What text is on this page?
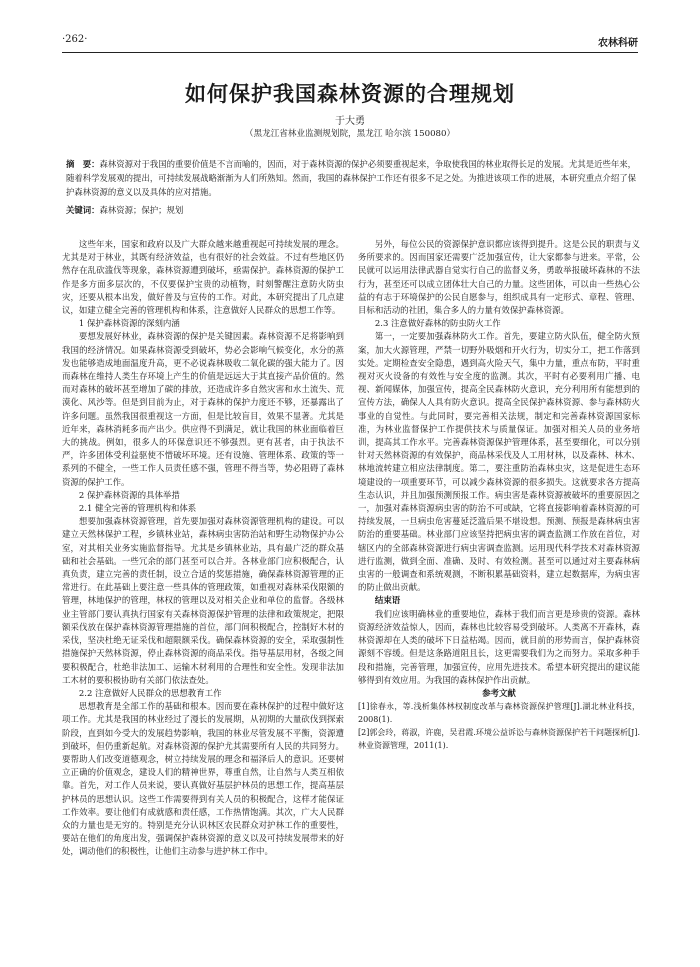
·262·	农林科研
如何保护我国森林资源的合理规划
于大勇
（黑龙江省林业监测规划院，黑龙江 哈尔滨 150080）
摘　要：森林资源对于我国的重要价值是不言而喻的，因而，对于森林资源的保护必须要重视起来，争取使我国的林业取得长足的发展。尤其是近些年来，随着科学发展观的提出，可持续发展战略渐渐为人们所熟知。然而，我国的森林保护工作还有很多不足之处。为推进该项工作的进展，本研究重点介绍了保护森林资源的意义以及具体的应对措施。
关键词：森林资源；保护；规划

这些年来，国家和政府以及广大群众越来越重视起可持续发展的理念。尤其是对于林业，其既有经济效益，也有很好的社会效益。不过有些地区仍然存在乱砍滥伐等现象，森林资源遭到破坏，亟需保护。森林资源的保护工作是多方面多层次的，不仅要保护宝贵的动植物，时刻警醒注意防火防虫灾，还要从根本出发，做好普及与宣传的工作。对此，本研究提出了几点建议，如建立健全完善的管理机构和体系，注意做好人民群众的思想工作等。

1 保护森林资源的深刻内涵

要想发展好林业，森林资源的保护是关键因素。森林资源不足将影响到我国的经济情况。如果森林资源受到破坏，势必会影响气候变化，水分的蒸发也能够造成地面温度升高，更不必说森林吸收二氧化碳的强大能力了。因而森林在维持人类生存环境上产生的价值是远远大于其直接产品价值的。然而对森林的破坏甚至增加了碳的排放，还造成许多自然灾害和水土流失、荒漠化、风沙等。但是到目前为止，对于森林的保护力度还不够，还暴露出了许多问题。虽然我国很重视这一方面，但是比较盲目，效果不显著。尤其是近年来，森林消耗多而产出少。供应得不到满足，就让我国的林业面临着巨大的挑战。例如，很多人的环保意识还不够强烈。更有甚者，由于执法不严，许多团体受利益驱使不惜破坏环境。还有设施、管理体系、政策的等一系列的不健全，一些工作人员责任感不强，管理不得当等，势必阻碍了森林资源的保护工作。

2 保护森林资源的具体举措

2.1 健全完善的管理机构和体系

想要加强森林资源管理，首先要加强对森林资源管理机构的建设。可以建立天然林保护工程，乡镇林业站，森林病虫害防治站和野生动物保护办公室，对其相关业务实施监督指导。尤其是乡镇林业站，具有最广泛的群众基础和社会基础。一些冗余的部门甚至可以合并。各林业部门应积极配合，认真负责，建立完善的责任制，设立合适的奖惩措施，确保森林资源管理的正常进行。在此基础上要注意一些具体的管理政策，如重视对森林采伐限额的管理，林地保护的管理，林权的管理以及对相关企业和单位的监督。各级林业主管部门要认真执行国家有关森林资源保护管理的法律和政策规定，把限额采伐放在保护森林资源管理措施的首位，部门间积极配合，控制好木材的采伐，坚决杜绝无证采伐和超限额采伐。确保森林资源的安全，采取强制性措施保护天然林资源，停止森林资源的商品采伐。指导基层用材，各级之间要积极配合，杜绝非法加工、运输木材利用的合理性和安全性。发现非法加工木材的要积极协助有关部门依法查处。

2.2 注意做好人民群众的思想教育工作

思想教育是全部工作的基础和根本。因而要在森林保护的过程中做好这项工作。尤其是我国的林业经过了漫长的发展期，从初期的大量砍伐到探索阶段，直到如今受大的发展趋势影响，我国的林业尽管发展不平衡，资源遭到破坏，但仍重新起航。对森林资源的保护尤其需要所有人民的共同努力。要帮助人们改变道德观念，树立持续发展的理念和福泽后人的意识。还要树立正确的价值观念，建设人们的精神世界，尊重自然，让自然与人类互相依靠。首先，对工作人员来说，要认真做好基层护林员的思想工作，提高基层护林员的思想认识。这些工作需要得到有关人员的积极配合，这样才能保证工作效率。要让他们有成就感和责任感，工作热情饱满。其次，广大人民群众的力量也是无穷的。特别是充分认识林区农民群众对护林工作的重要性，要站在他们的角度出发，强调保护森林资源的意义以及可持续发展带来的好处，调动他们的积极性，让他们主动参与进护林工作中。

另外，每位公民的资源保护意识都应该得到提升。这是公民的职责与义务所要求的。因而国家还需要广泛加强宣传，让大家都参与进来。平常，公民就可以运用法律武器自觉实行自己的监督义务，勇敢举报破坏森林的不法行为，甚至还可以成立团体壮大自己的力量。这些团体，可以由一些热心公益的有志于环境保护的公民自愿参与，组织成具有一定形式、章程、管理、目标和活动的社团，集合多人的力量有效保护森林资源。

2.3 注意做好森林的防虫防火工作

第一，一定要加强森林防火工作。首先，要建立防火队伍，健全防火预案，加大火源管理，严禁一切野外吸烟和开火行为，切实分工，把工作落到实处。定期检查安全隐患，遇到高火险天气，集中力量，重点布防，平时重视对灭火设备的有效性与安全度的监测。其次，平时有必要利用广播、电视、新闻媒体，加强宣传，提高全民森林防火意识，充分利用所有能想到的宣传方法，确保人人具有防火意识。提高全民保护森林资源、参与森林防火事业的自觉性。与此同时，要完善相关法规，制定和完善森林资源国家标准，为林业监督保护工作提供技术与质量保证。加强对相关人员的业务培训，提高其工作水平。完善森林资源保护管理体系，甚至要细化，可以分别针对天然林资源的有效保护，商品林采伐及人工用材林，以及森林、林木、林地流转建立相应法律制度。第二，要注重防治森林虫灾，这是促进生态环境建设的一项重要环节，可以减少森林资源的很多损失。这就要求各方提高生态认识，并且加强预测预报工作。病虫害是森林资源被破坏的重要原因之一，加强对森林资源病虫害的防治不可或缺，它将直接影响着森林资源的可持续发展，一旦病虫危害蔓延泛滥后果不堪设想。预测、预报是森林病虫害防治的重要基础。林业部门应该坚持把病虫害的调查监测工作放在首位，对辖区内的全部森林资源进行病虫害调查监测。运用现代科学技术对森林资源进行监测，做到全面、准确、及时、有效检测。甚至可以通过对主要森林病虫害的一般调查和系统观测，不断积累基础资料，建立起数据库，为病虫害的防止做出贡献。

结束语

我们应该明确林业的重要地位，森林于我们而言更是珍贵的资源。森林资源经济效益惊人，因而，森林也比较容易受到破坏。人类离不开森林，森林资源却在人类的破坏下日益枯竭。因而，就目前的形势而言，保护森林资源刻不容缓。但是这条路道阻且长，这更需要我们为之而努力。采取多种手段和措施，完善管理，加强宣传，应用先进技术。希望本研究提出的建议能够得到有效应用。为我国的森林保护作出贡献。

参考文献

[1]徐春永，等.浅析集体林权制度改革与森林资源保护管理[J].湖北林业科技，2008(1).

[2]郭会玲，蒋淑，许鹿，吴君霞.环境公益诉讼与森林资源保护若干问题探析[J].林业资源管理，2011(1).
